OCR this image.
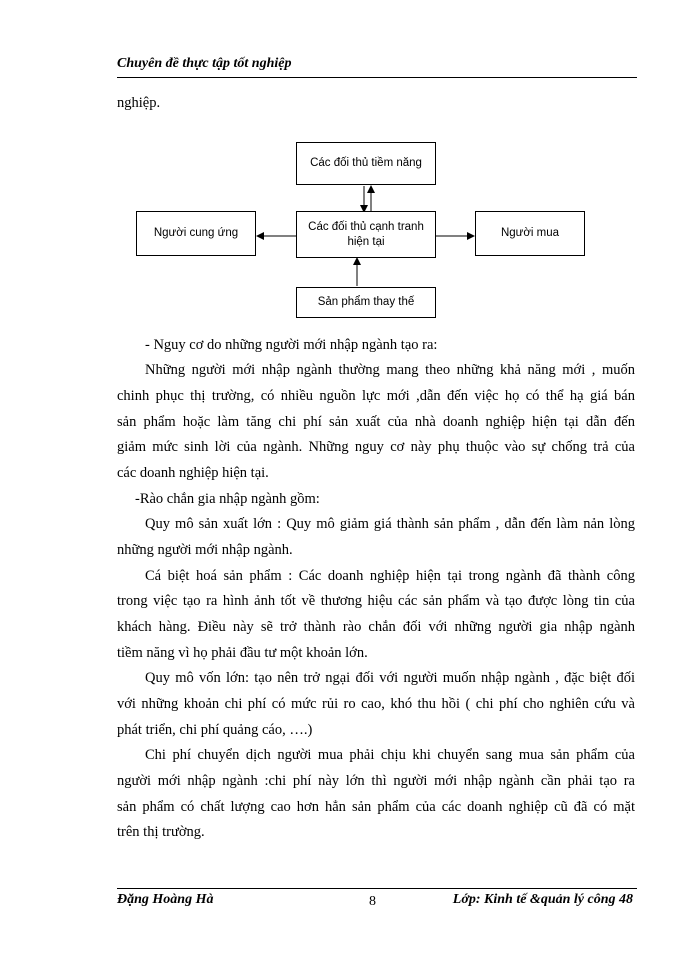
Chuyên đề thực tập tốt nghiệp
nghiệp.
Các đối thủ tiềm năng
Người cung ứng
Các đối thủ cạnh tranh hiện tại
Người mua
Sản phẩm thay thế
- Nguy cơ do những người mới nhập ngành tạo ra:
Những người mới nhập ngành thường mang theo những khả năng mới , muốn
chinh phục thị trường, có nhiều nguồn lực mới ,dẫn đến việc họ có thể hạ giá bán
sản phẩm hoặc làm tăng chi phí sản xuất của nhà doanh nghiệp hiện tại dẫn đến
giảm mức sinh lời của ngành. Những nguy cơ này phụ thuộc vào sự chống trả của
các doanh nghiệp hiện tại.
-Rào chắn gia nhập ngành gồm:
Quy mô sản xuất lớn : Quy mô giảm giá thành sản phẩm , dẫn đến làm nản lòng
những người mới nhập ngành.
Cá biệt hoá sản phẩm : Các doanh nghiệp hiện tại trong ngành đã thành công
trong việc tạo ra hình ảnh tốt về thương hiệu các sản phẩm và tạo được lòng tin của
khách hàng. Điều này sẽ trở thành rào chắn đối với những người gia nhập ngành
tiềm năng vì họ phải đầu tư một khoản lớn.
Quy mô vốn lớn: tạo nên trở ngại đối với người muốn nhập ngành , đặc biệt đối
với những khoản chi phí có mức rủi ro cao, khó thu hồi ( chi phí cho nghiên cứu và
phát triển, chi phí quảng cáo, ….)
Chi phí chuyển dịch người mua phải chịu khi chuyển sang mua sản phẩm của
người mới nhập ngành :chi phí này lớn thì người mới nhập ngành cần phải tạo ra
sản phẩm có chất lượng cao hơn hẳn sản phẩm của các doanh nghiệp cũ đã có mặt
trên thị trường.
Đặng Hoàng Hà	8	Lớp: Kinh tế &quản lý công 48
